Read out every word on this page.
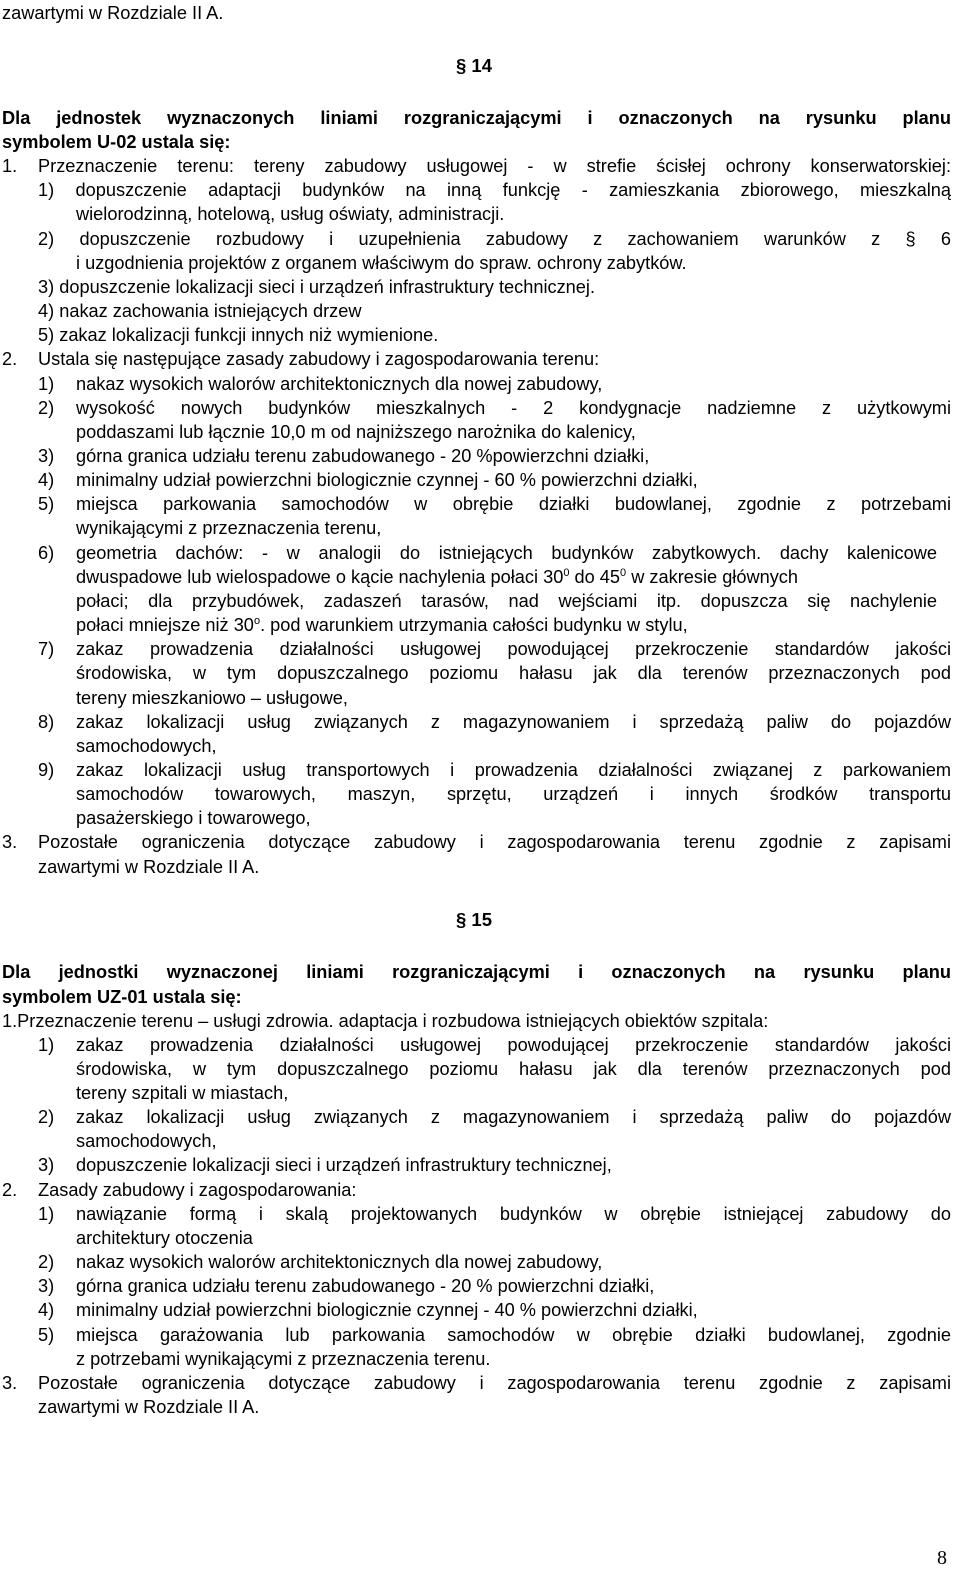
zawartymi w Rozdziale II A.
§ 14
Dla jednostek wyznaczonych liniami rozgraniczającymi i oznaczonych na rysunku planu
symbolem U-02 ustala się:
1. Przeznaczenie terenu: tereny zabudowy usługowej - w strefie ścisłej ochrony konserwatorskiej:
1) dopuszczenie adaptacji budynków na inną funkcję - zamieszkania zbiorowego, mieszkalną
wielorodzinną, hotelową, usług oświaty, administracji.
2) dopuszczenie rozbudowy i uzupełnienia zabudowy z zachowaniem warunków z § 6
i uzgodnienia projektów z organem właściwym do spraw. ochrony zabytków.
3) dopuszczenie lokalizacji sieci i urządzeń infrastruktury technicznej.
4) nakaz zachowania istniejących drzew
5) zakaz lokalizacji funkcji innych niż wymienione.
2. Ustala się następujące zasady zabudowy i zagospodarowania terenu:
1) nakaz wysokich walorów architektonicznych dla nowej zabudowy,
2) wysokość nowych budynków mieszkalnych - 2 kondygnacje nadziemne z użytkowymi
poddaszami lub łącznie 10,0 m od najniższego narożnika do kalenicy,
3) górna granica udziału terenu zabudowanego - 20 %powierzchni działki,
4) minimalny udział powierzchni biologicznie czynnej - 60 % powierzchni działki,
5) miejsca parkowania samochodów w obrębie działki budowlanej, zgodnie z potrzebami
wynikającymi z przeznaczenia terenu,
6) geometria dachów: - w analogii do istniejących budynków zabytkowych. dachy kalenicowe
dwuspadowe lub wielospadowe o kącie nachylenia połaci $30^0$ do $45^0$ w zakresie głównych
połaci; dla przybudówek, zadaszeń tarasów, nad wejściami itp. dopuszcza się nachylenie
połaci mniejsze niż 30$^o$. pod warunkiem utrzymania całości budynku w stylu,
7) zakaz prowadzenia działalności usługowej powodującej przekroczenie standardów jakości
środowiska, w tym dopuszczalnego poziomu hałasu jak dla terenów przeznaczonych pod
tereny mieszkaniowo – usługowe,
8) zakaz lokalizacji usług związanych z magazynowaniem i sprzedażą paliw do pojazdów
samochodowych,
9) zakaz lokalizacji usług transportowych i prowadzenia działalności związanej z parkowaniem
samochodów towarowych, maszyn, sprzętu, urządzeń i innych środków transportu
pasażerskiego i towarowego,
3. Pozostałe ograniczenia dotyczące zabudowy i zagospodarowania terenu zgodnie z zapisami
zawartymi w Rozdziale II A.
§ 15
Dla jednostki wyznaczonej liniami rozgraniczającymi i oznaczonych na rysunku planu
symbolem UZ-01 ustala się:
1.Przeznaczenie terenu – usługi zdrowia. adaptacja i rozbudowa istniejących obiektów szpitala:
1) zakaz prowadzenia działalności usługowej powodującej przekroczenie standardów jakości
środowiska, w tym dopuszczalnego poziomu hałasu jak dla terenów przeznaczonych pod
tereny szpitali w miastach,
2) zakaz lokalizacji usług związanych z magazynowaniem i sprzedażą paliw do pojazdów
samochodowych,
3) dopuszczenie lokalizacji sieci i urządzeń infrastruktury technicznej,
2. Zasady zabudowy i zagospodarowania:
1) nawiązanie formą i skalą projektowanych budynków w obrębie istniejącej zabudowy do
architektury otoczenia
2) nakaz wysokich walorów architektonicznych dla nowej zabudowy,
3) górna granica udziału terenu zabudowanego - 20 % powierzchni działki,
4) minimalny udział powierzchni biologicznie czynnej - 40 % powierzchni działki,
5) miejsca garażowania lub parkowania samochodów w obrębie działki budowlanej, zgodnie
z potrzebami wynikającymi z przeznaczenia terenu.
3. Pozostałe ograniczenia dotyczące zabudowy i zagospodarowania terenu zgodnie z zapisami
zawartymi w Rozdziale II A.
8
